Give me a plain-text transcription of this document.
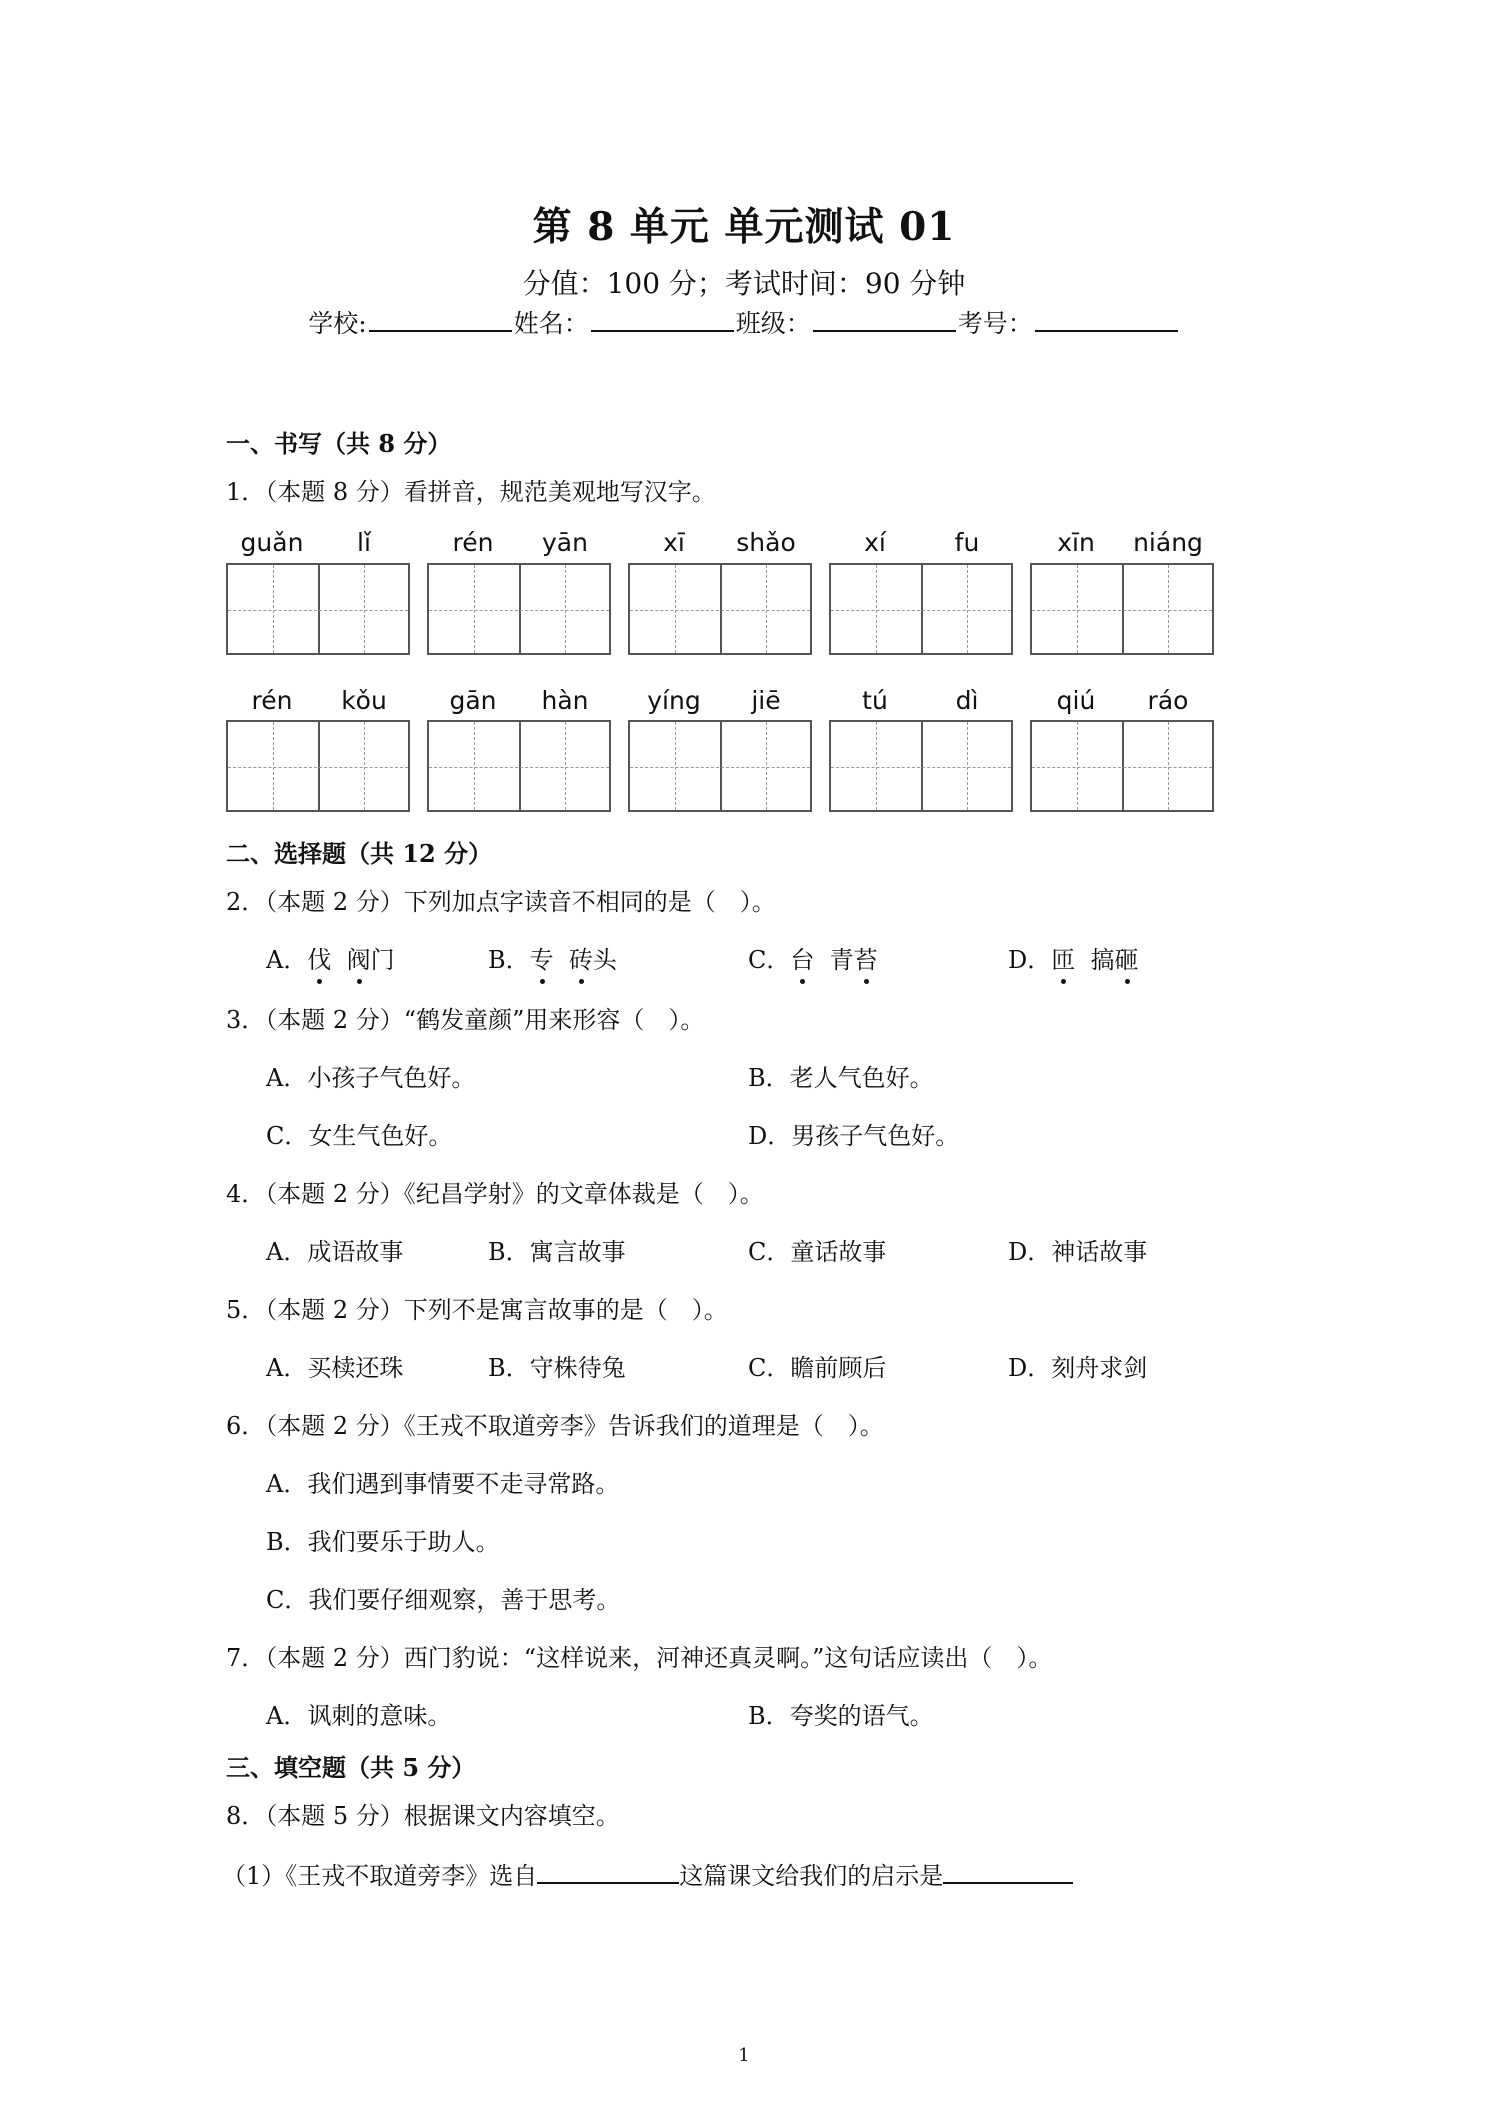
第 8 单元 单元测试 01
分值：100 分；考试时间：90 分钟
学校:	姓名：	班级：	考号：
一、书写（共 8 分）
1．（本题 8 分）看拼音，规范美观地写汉字。
guǎn	lǐ	rén	yān	xī	shǎo	xí	fu	xīn	niáng
rén	kǒu	gān	hàn	yíng	jiē	tú	dì	qiú	ráo
二、选择题（共 12 分）
2．（本题 2 分）下列加点字读音不相同的是（　）。
A．伐 阀门	B．专 砖头	C．台 青苔	D．匝 搞砸
3．（本题 2 分）“鹤发童颜”用来形容（　）。
A．小孩子气色好。	B．老人气色好。
C．女生气色好。	D．男孩子气色好。
4．（本题 2 分）《纪昌学射》的文章体裁是（　）。
A．成语故事	B．寓言故事	C．童话故事	D．神话故事
5．（本题 2 分）下列不是寓言故事的是（　）。
A．买椟还珠	B．守株待兔	C．瞻前顾后	D．刻舟求剑
6．（本题 2 分）《王戎不取道旁李》告诉我们的道理是（　）。
A．我们遇到事情要不走寻常路。
B．我们要乐于助人。
C．我们要仔细观察，善于思考。
7．（本题 2 分）西门豹说：“这样说来，河神还真灵啊。”这句话应读出（　）。
A．讽刺的意味。	B．夸奖的语气。
三、填空题（共 5 分）
8．（本题 5 分）根据课文内容填空。
（1）《王戎不取道旁李》选自	这篇课文给我们的启示是
1
